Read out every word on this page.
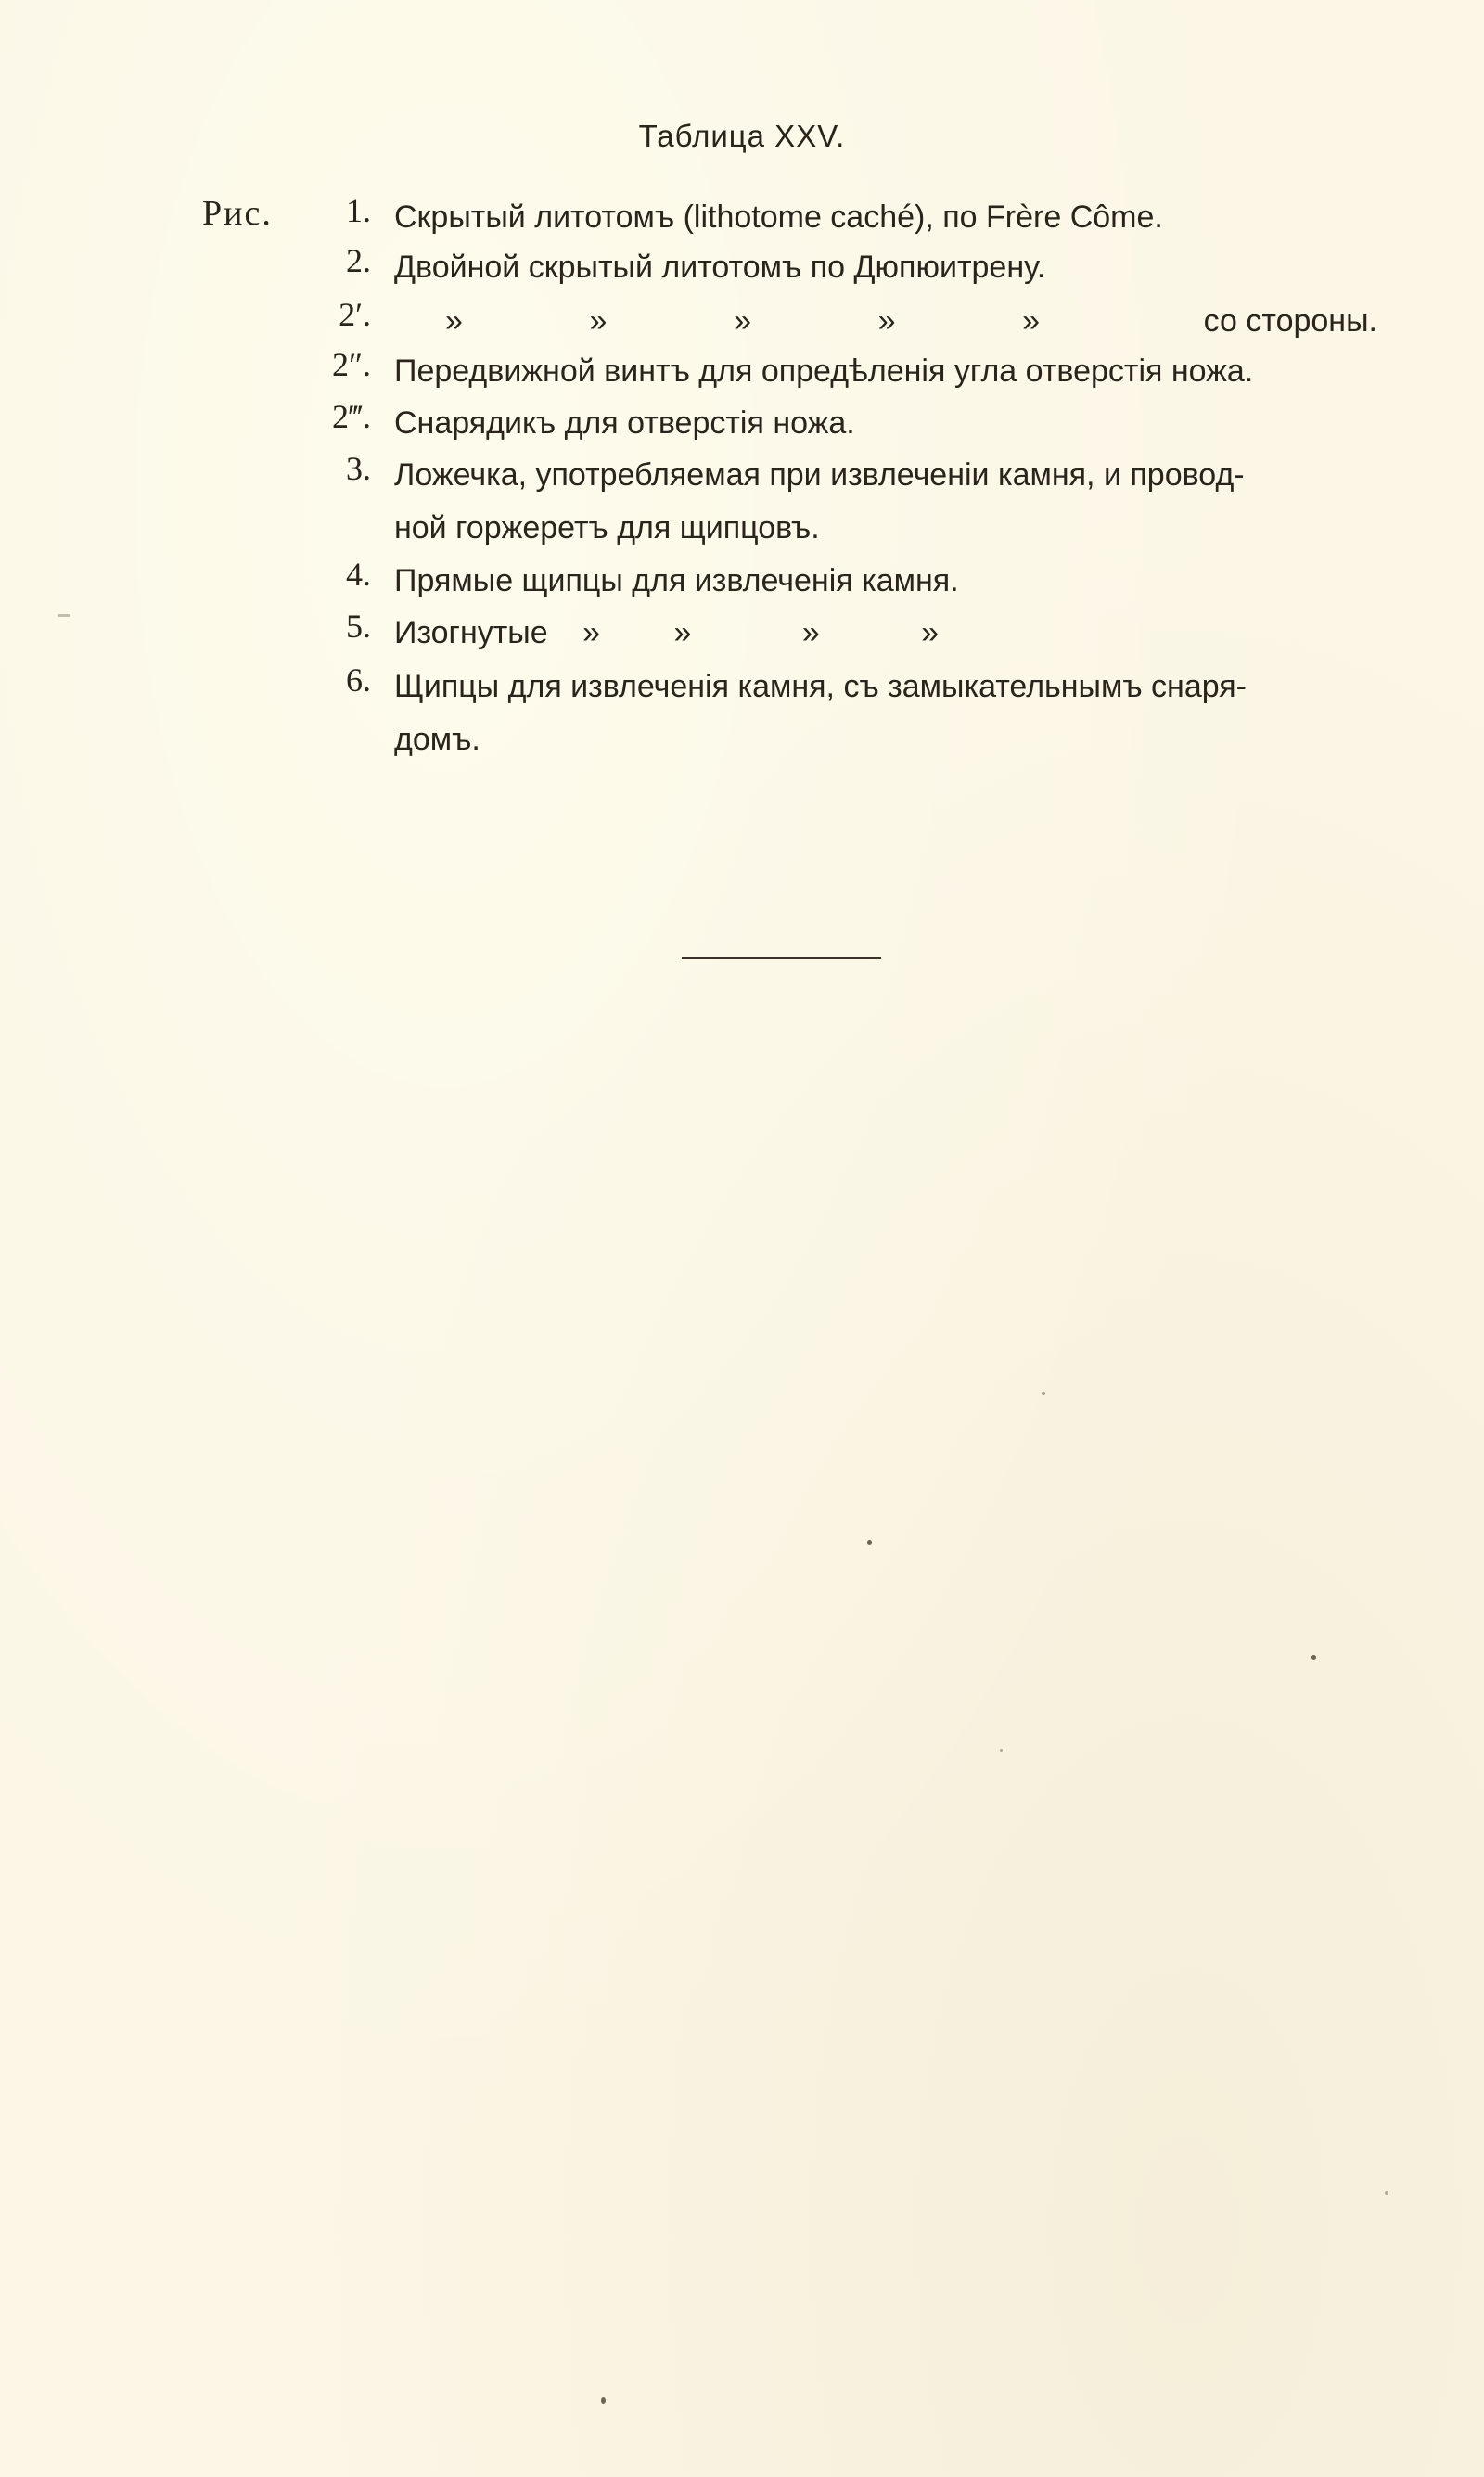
Таблица XXV.
Рис.	1. Скрытый литотомъ (lithotome caché), по Frère Côme.
2. Двойной скрытый литотомъ по Дюпюитрену.
2′. »	»	»	»	»	со стороны.
2″. Передвижной винтъ для опредѣленія угла отверстія ножа.
2‴. Снарядикъ для отверстія ножа.
3. Ложечка, употребляемая при извлеченіи камня, и провод-
ной горжеретъ для щипцовъ.
4. Прямые щипцы для извлеченія камня.
5. Изогнутые » »	»	»
6. Щипцы для извлеченія камня, съ замыкательнымъ снаря-
домъ.
